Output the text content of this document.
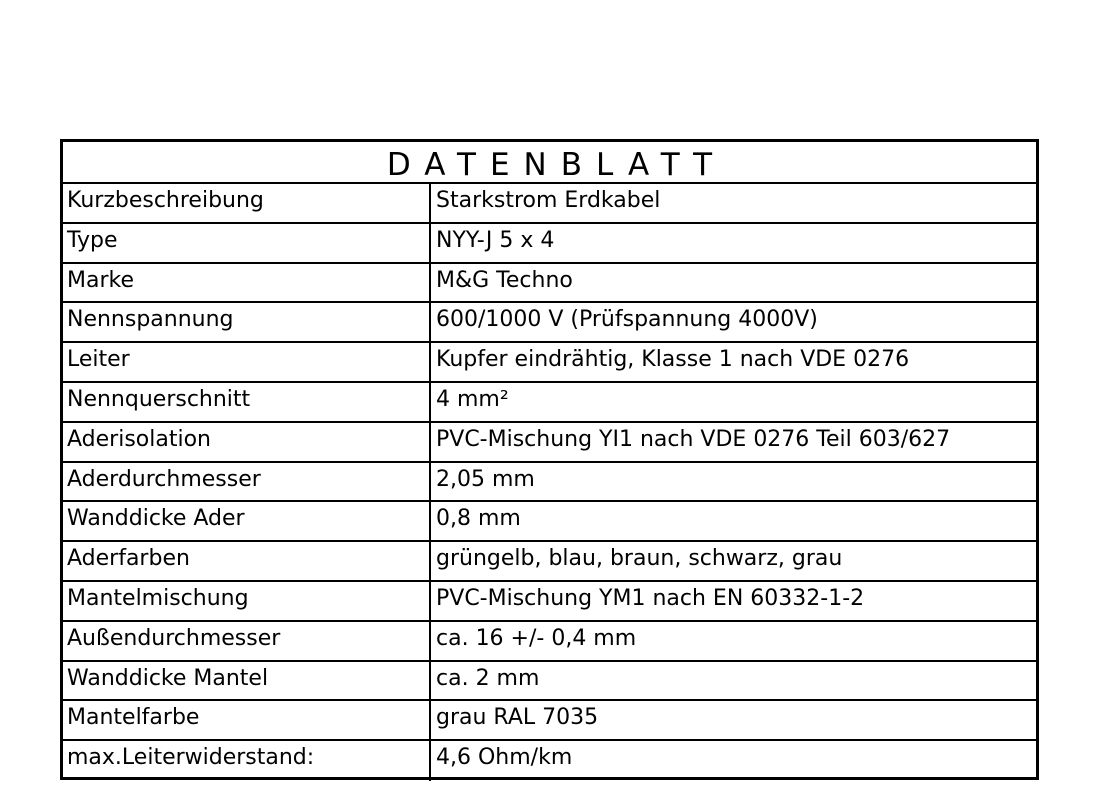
DATENBLATT
Kurzbeschreibung	Starkstrom Erdkabel
Type	NYY-J 5 x 4
Marke	M&G Techno
Nennspannung	600/1000 V (Prüfspannung 4000V)
Leiter	Kupfer eindrähtig, Klasse 1 nach VDE 0276
Nennquerschnitt	4 mm²
Aderisolation	PVC-Mischung YI1 nach VDE 0276 Teil 603/627
Aderdurchmesser	2,05 mm
Wanddicke Ader	0,8 mm
Aderfarben	grüngelb, blau, braun, schwarz, grau
Mantelmischung	PVC-Mischung YM1 nach EN 60332-1-2
Außendurchmesser	ca. 16 +/- 0,4 mm
Wanddicke Mantel	ca. 2 mm
Mantelfarbe	grau RAL 7035
max.Leiterwiderstand:	4,6 Ohm/km
